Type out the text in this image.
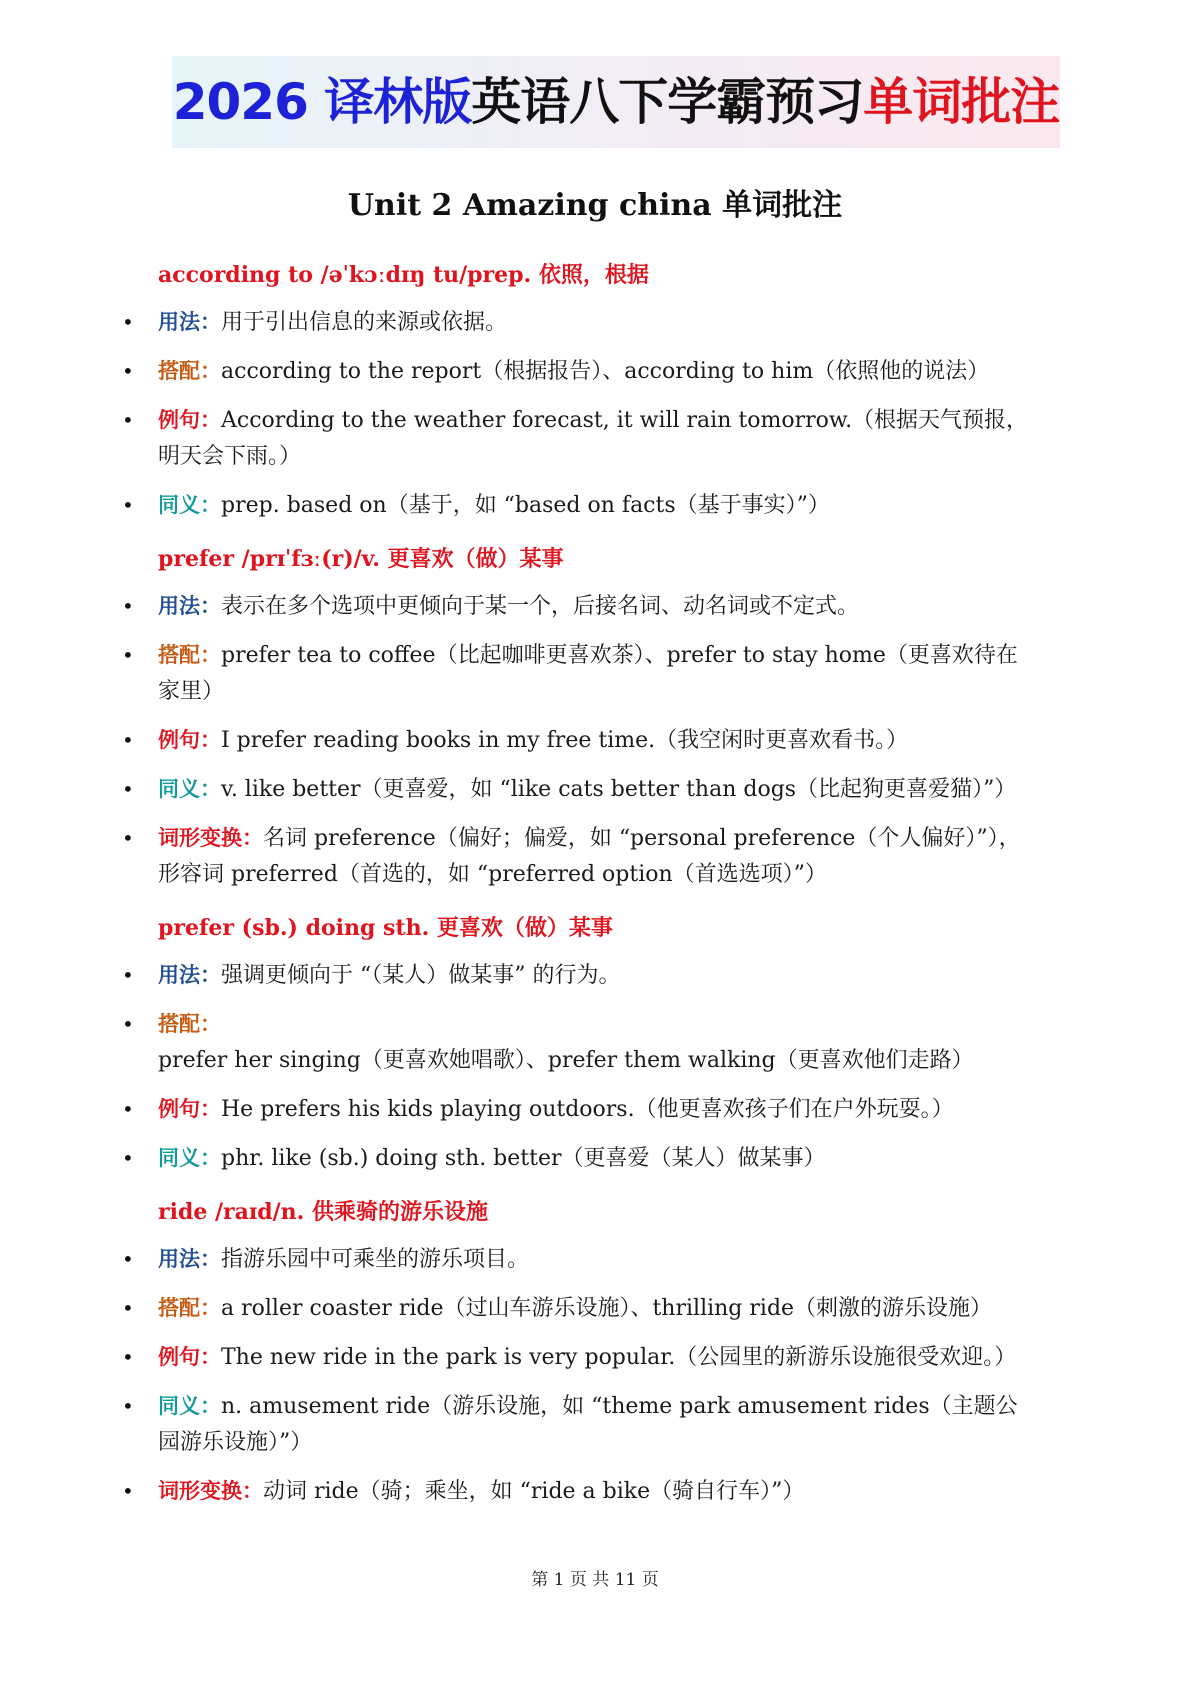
2026 译林版英语八下学霸预习单词批注
Unit 2 Amazing china 单词批注
according to /əˈkɔːdɪŋ tu/prep. 依照，根据
• 用法：用于引出信息的来源或依据。
• 搭配：according to the report（根据报告）、according to him（依照他的说法）
• 例句：According to the weather forecast, it will rain tomorrow.（根据天气预报，明天会下雨。）
• 同义：prep. based on（基于，如 “based on facts（基于事实）”）
prefer /prɪˈfɜː(r)/v. 更喜欢（做）某事
• 用法：表示在多个选项中更倾向于某一个，后接名词、动名词或不定式。
• 搭配：prefer tea to coffee（比起咖啡更喜欢茶）、prefer to stay home（更喜欢待在家里）
• 例句：I prefer reading books in my free time.（我空闲时更喜欢看书。）
• 同义：v. like better（更喜爱，如 “like cats better than dogs（比起狗更喜爱猫）”）
• 词形变换：名词 preference（偏好；偏爱，如 “personal preference（个人偏好）”），形容词 preferred（首选的，如 “preferred option（首选选项）”）
prefer (sb.) doing sth. 更喜欢（做）某事
• 用法：强调更倾向于 “（某人）做某事” 的行为。
• 搭配：prefer her singing（更喜欢她唱歌）、prefer them walking（更喜欢他们走路）
• 例句：He prefers his kids playing outdoors.（他更喜欢孩子们在户外玩耍。）
• 同义：phr. like (sb.) doing sth. better（更喜爱（某人）做某事）
ride /raɪd/n. 供乘骑的游乐设施
• 用法：指游乐园中可乘坐的游乐项目。
• 搭配：a roller coaster ride（过山车游乐设施）、thrilling ride（刺激的游乐设施）
• 例句：The new ride in the park is very popular.（公园里的新游乐设施很受欢迎。）
• 同义：n. amusement ride（游乐设施，如 “theme park amusement rides（主题公园游乐设施）”）
• 词形变换：动词 ride（骑；乘坐，如 “ride a bike（骑自行车）”）
第 1 页 共 11 页
